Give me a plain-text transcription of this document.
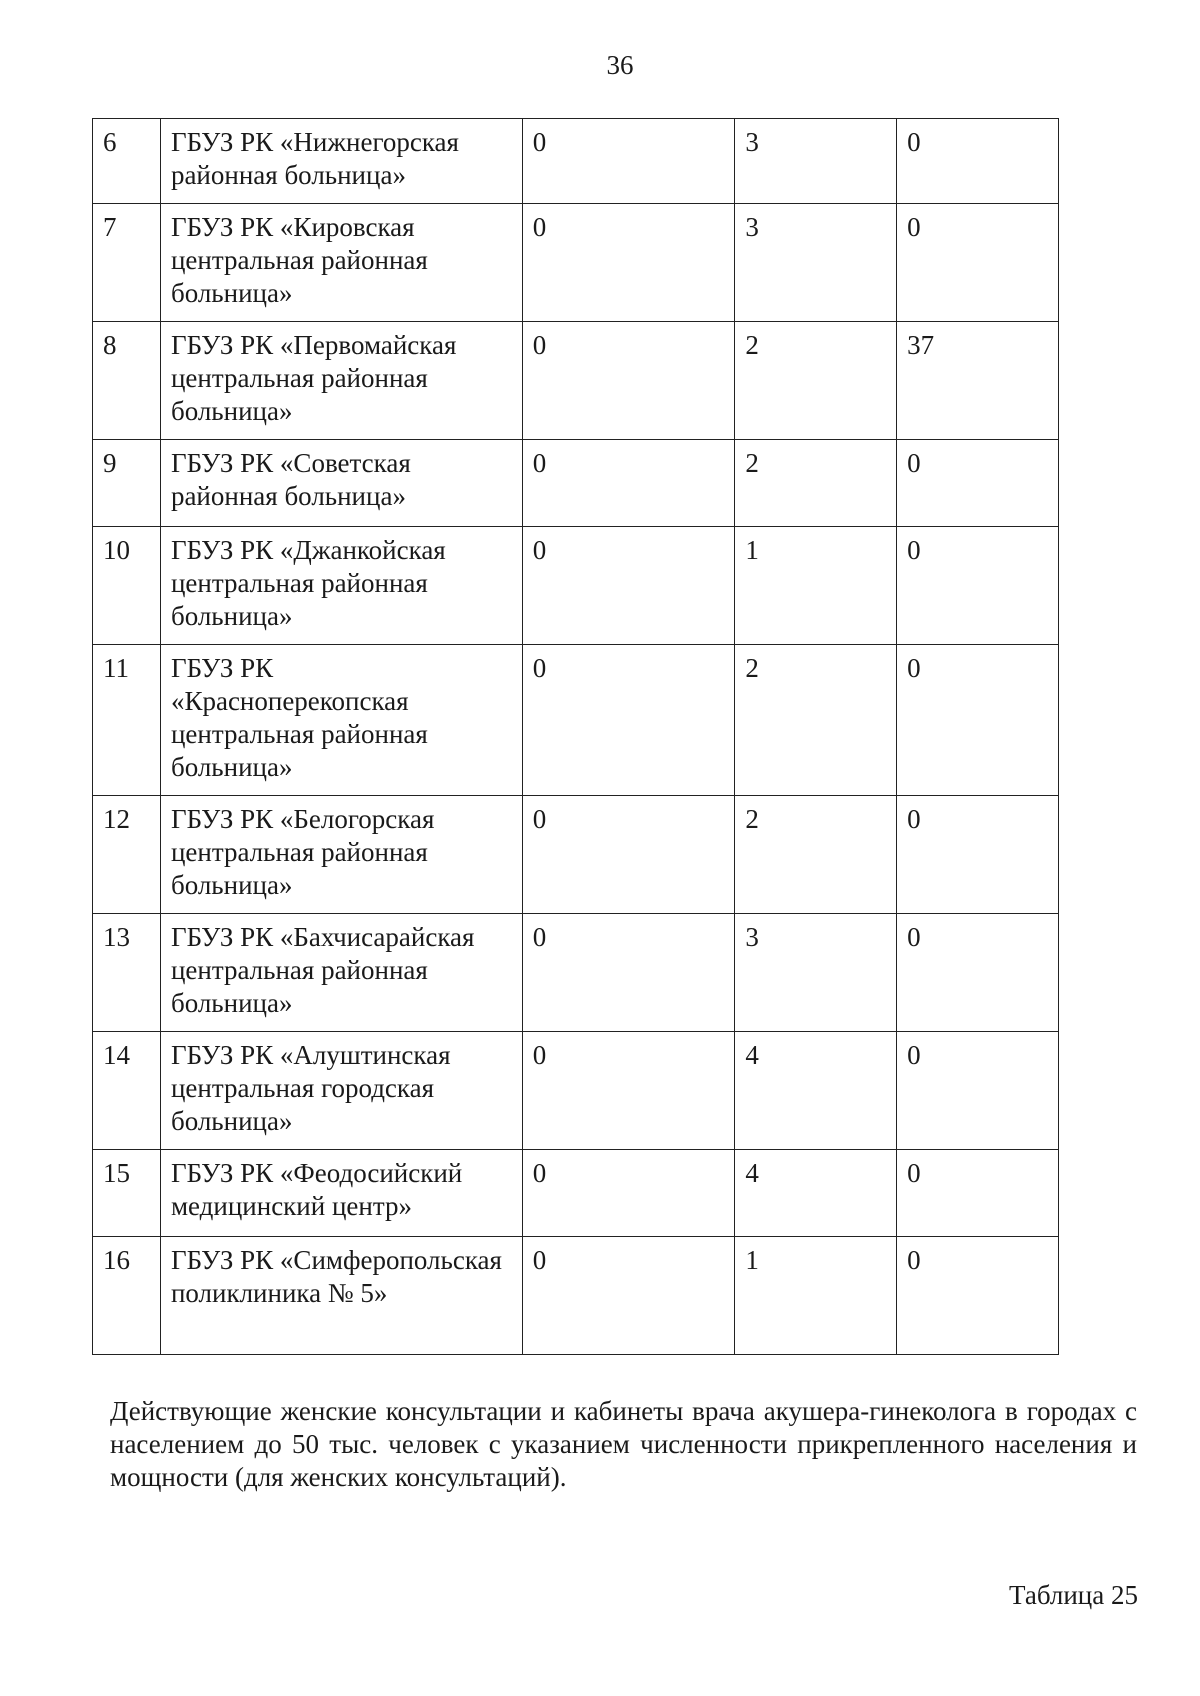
36
6	ГБУЗ РК «Нижнегорская районная больница»	0	3	0
7	ГБУЗ РК «Кировская центральная районная больница»	0	3	0
8	ГБУЗ РК «Первомайская центральная районная больница»	0	2	37
9	ГБУЗ РК «Советская районная больница»	0	2	0
10	ГБУЗ РК «Джанкойская центральная районная больница»	0	1	0
11	ГБУЗ РК «Красноперекопская центральная районная больница»	0	2	0
12	ГБУЗ РК «Белогорская центральная районная больница»	0	2	0
13	ГБУЗ РК «Бахчисарайская центральная районная больница»	0	3	0
14	ГБУЗ РК «Алуштинская центральная городская больница»	0	4	0
15	ГБУЗ РК «Феодосийский медицинский центр»	0	4	0
16	ГБУЗ РК «Симферопольская поликлиника № 5»	0	1	0
Действующие женские консультации и кабинеты врача акушера-гинеколога в городах с населением до 50 тыс. человек с указанием численности прикрепленного населения и мощности (для женских консультаций).
Таблица 25
